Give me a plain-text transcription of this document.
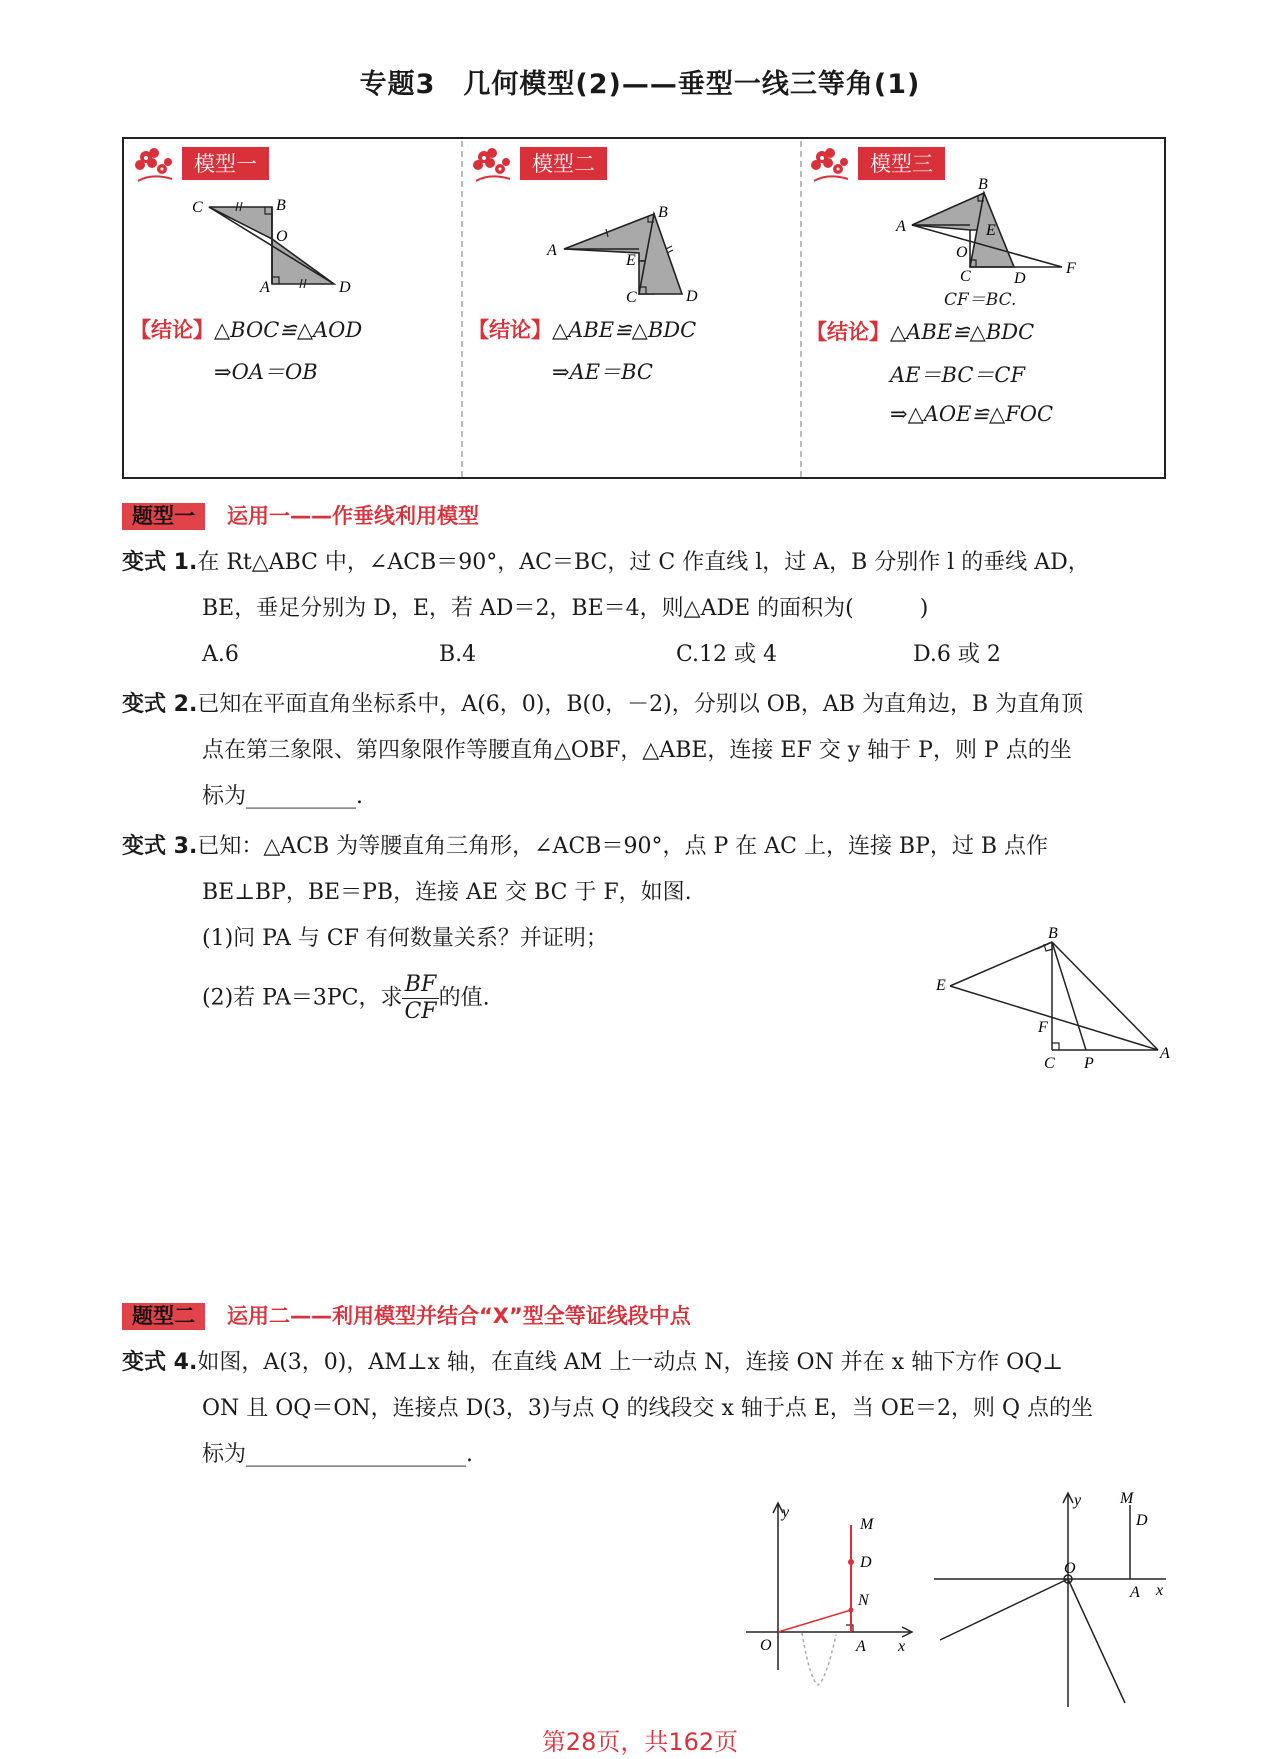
专题3　几何模型(2)——垂型一线三等角(1)
模型一
C	B
O
A	D
【结论】△BOC≌△AOD
⇒OA＝OB
模型二
A
B
E
C	D
【结论】△ABE≌△BDC
⇒AE＝BC
模型三
B
A	E
O
C	D
F
CF＝BC.
【结论】△ABE≌△BDC
AE＝BC＝CF
⇒△AOE≌△FOC
题型一 运用一——作垂线利用模型
变式 1.在 Rt△ABC 中，∠ACB＝90°，AC＝BC，过 C 作直线 l，过 A，B 分别作 l 的垂线 AD，
BE，垂足分别为 D，E，若 AD＝2，BE＝4，则△ADE 的面积为(　　　)
A.6	B.4	C.12 或 4	D.6 或 2
变式 2.已知在平面直角坐标系中，A(6，0)，B(0，－2)，分别以 OB，AB 为直角边，B 为直角顶
点在第三象限、第四象限作等腰直角△OBF，△ABE，连接 EF 交 y 轴于 P，则 P 点的坐
标为__________.
变式 3.已知：△ACB 为等腰直角三角形，∠ACB＝90°，点 P 在 AC 上，连接 BP，过 B 点作
BE⊥BP，BE＝PB，连接 AE 交 BC 于 F，如图.
(1)问 PA 与 CF 有何数量关系？并证明；
(2)若 PA＝3PC，求 $\frac{BF}{CF}$ 的值.
B
E
F
C P
A
题型二 运用二——利用模型并结合“X”型全等证线段中点
变式 4.如图，A(3，0)，AM⊥x 轴，在直线 AM 上一动点 N，连接 ON 并在 x 轴下方作 OQ⊥
ON 且 OQ＝ON，连接点 D(3，3)与点 Q 的线段交 x 轴于点 E，当 OE＝2，则 Q 点的坐
标为____________________.
y
M
D
N
O	A x
y M
D
O
A x
第28页，共162页
